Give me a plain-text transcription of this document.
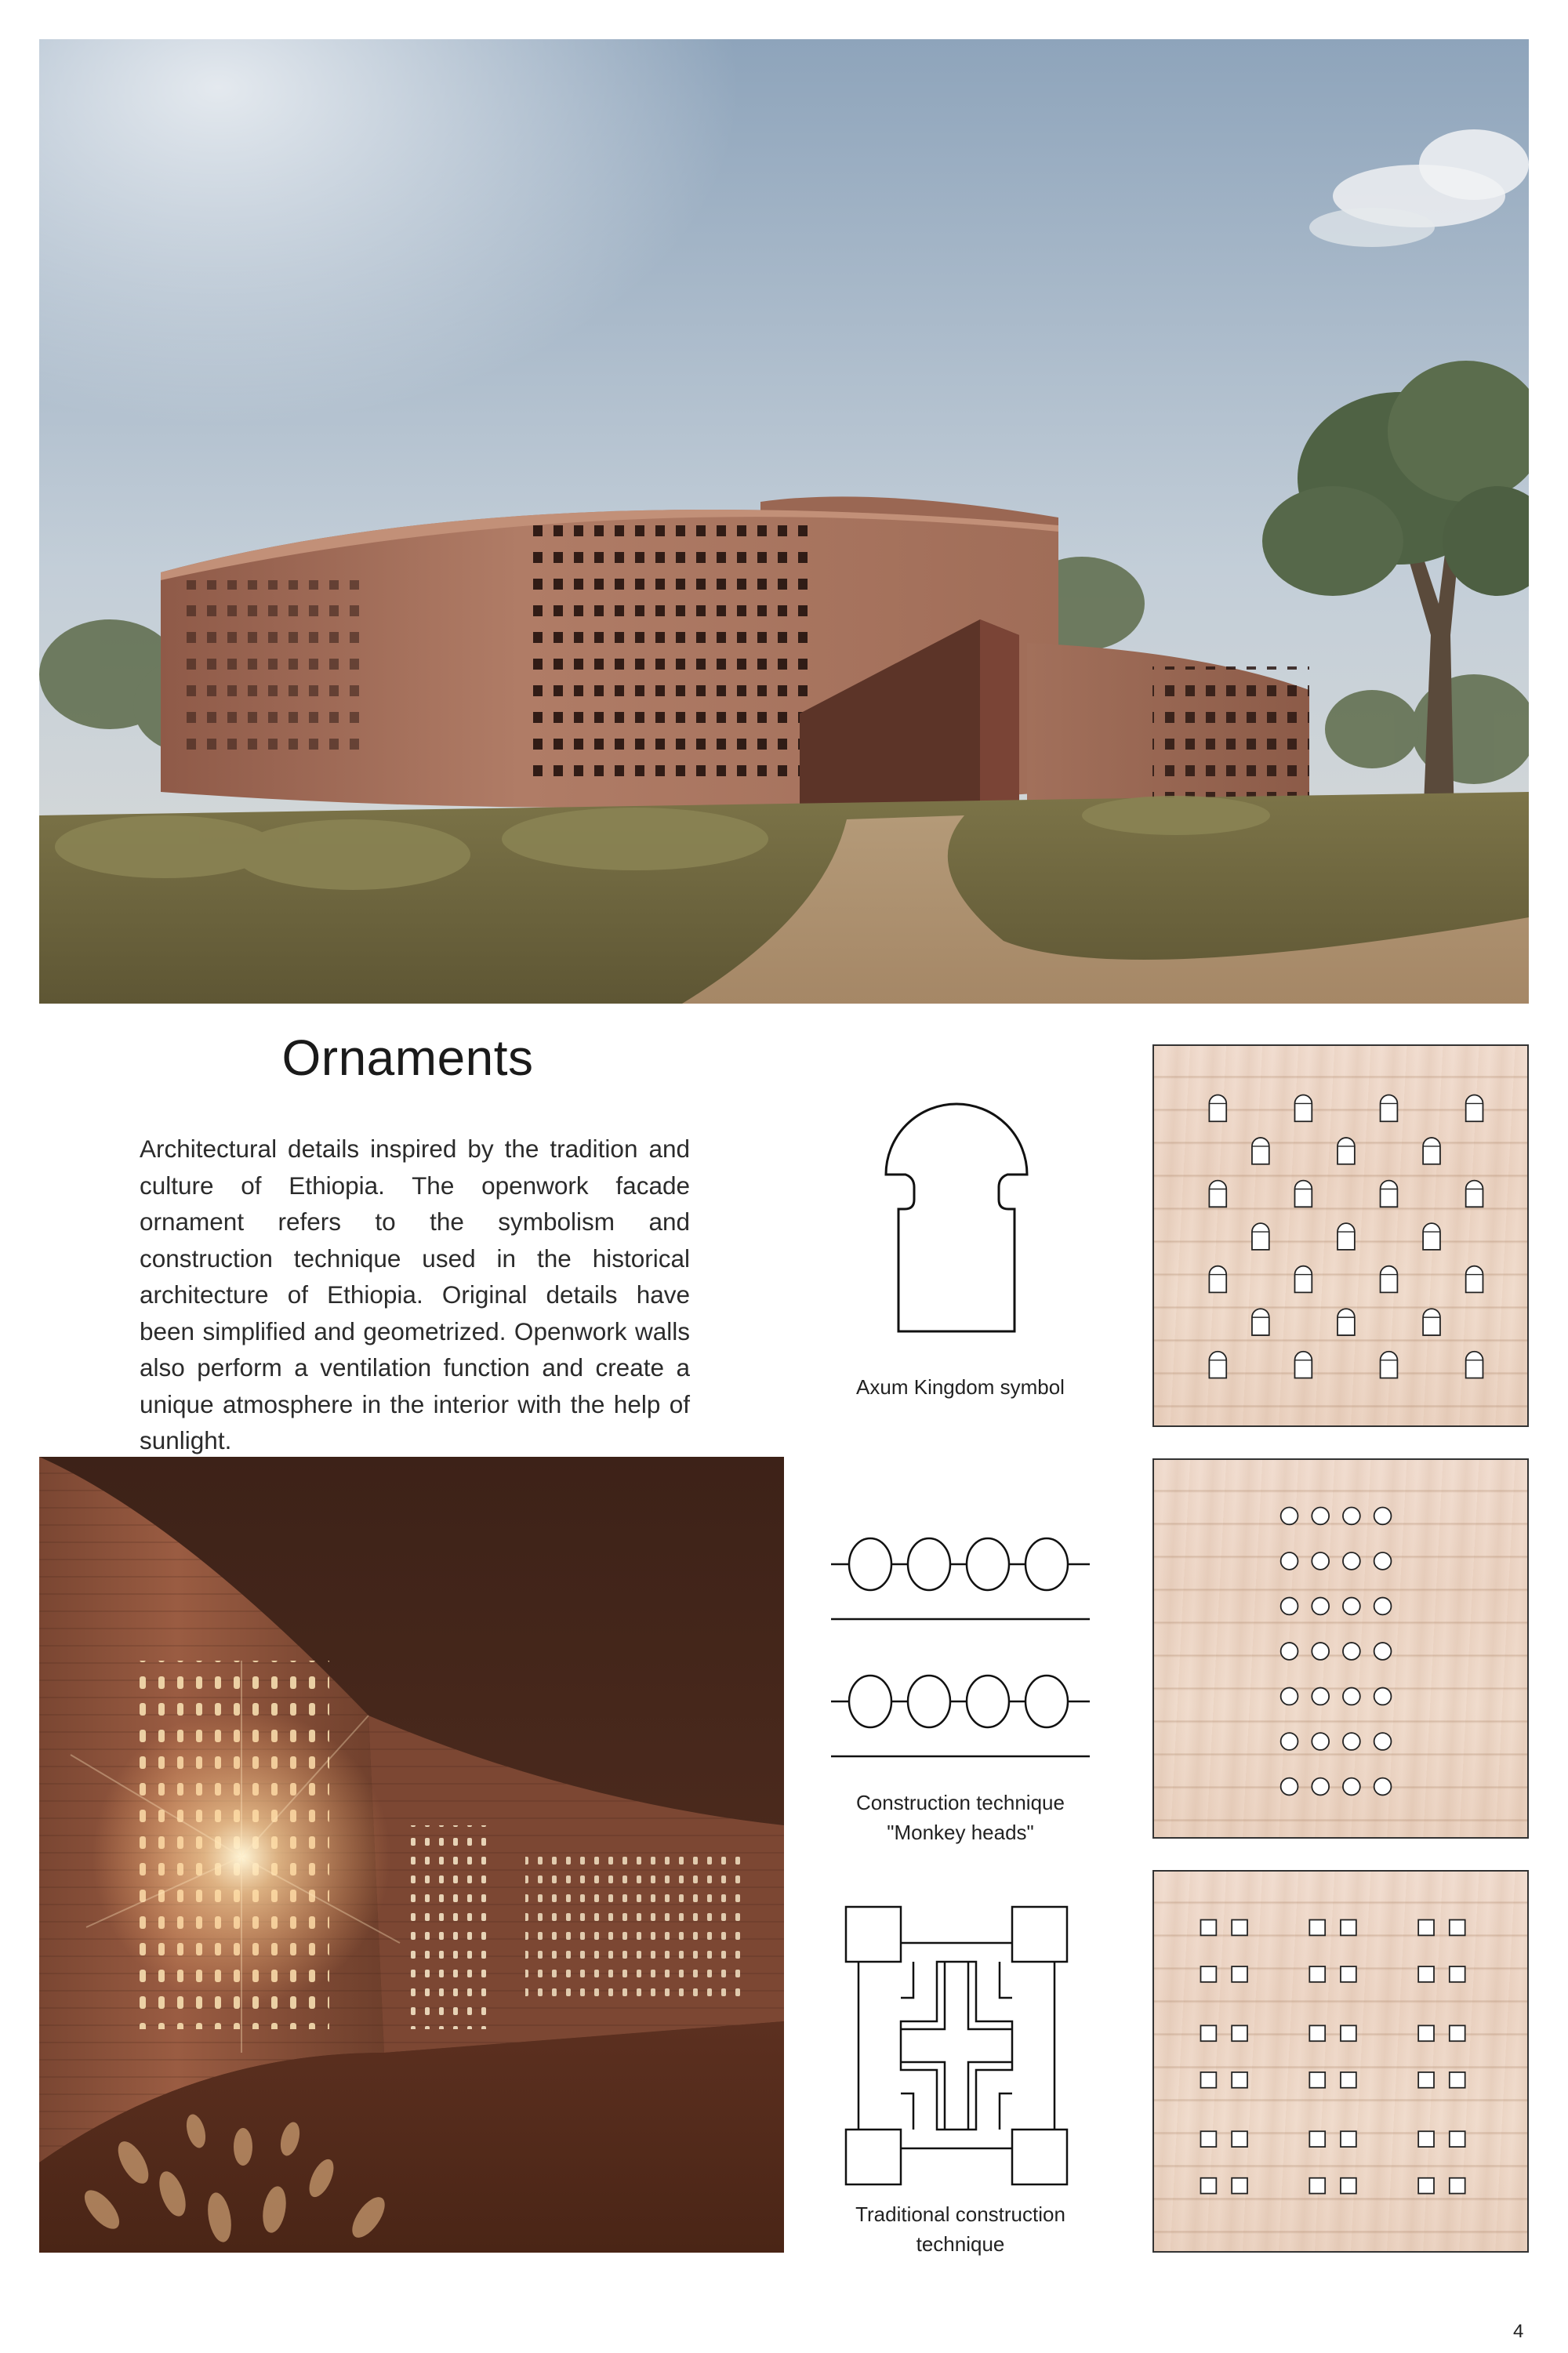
Ornaments
Architectural details inspired by the tradition and culture of Ethiopia. The openwork facade ornament refers to the symbolism and construction technique used in the historical architecture of Ethiopia. Original details have been simplified and geometrized. Openwork walls also perform a ventilation function and create a unique atmosphere in the interior with the help of sunlight.
Axum Kingdom symbol
Construction technique
"Monkey heads"
Traditional construction
technique
4
